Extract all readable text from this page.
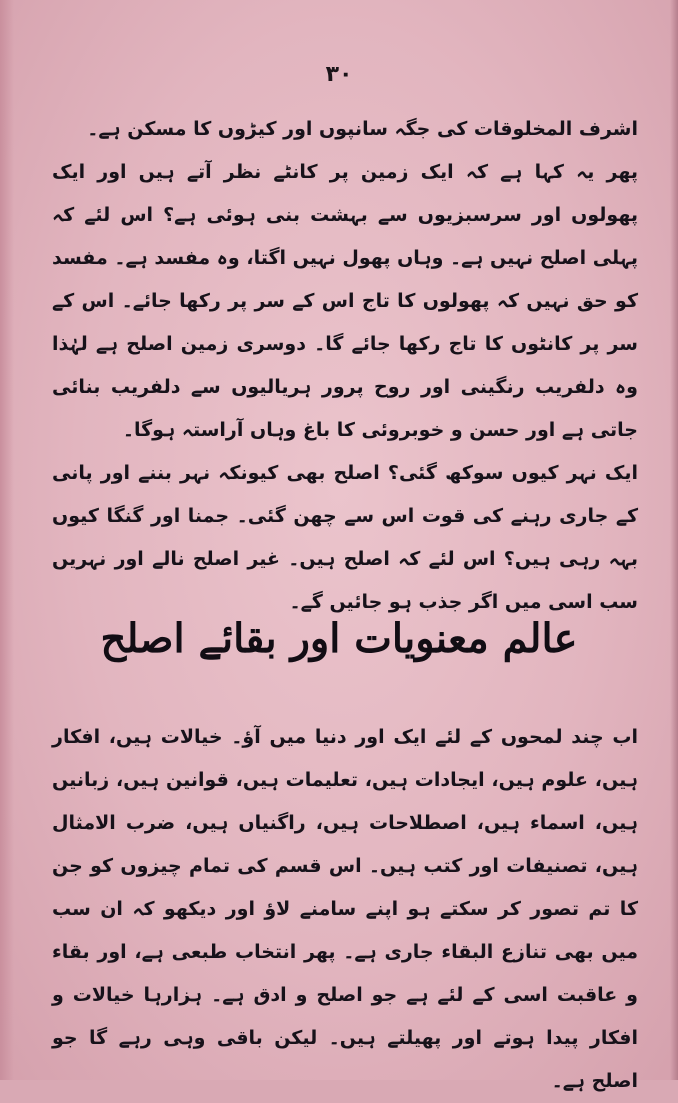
۳۰

اشرف المخلوقات کی جگہ سانپوں اور کیڑوں کا مسکن ہے۔

پھر یہ کہا ہے کہ ایک زمین پر کانٹے نظر آتے ہیں اور ایک پھولوں اور سرسبزیوں سے بہشت بنی ہوئی ہے؟ اس لئے کہ پہلی اصلح نہیں ہے۔ وہاں پھول نہیں اگتا، وہ مفسد ہے۔ مفسد کو حق نہیں کہ پھولوں کا تاج اس کے سر پر رکھا جائے۔ اس کے سر پر کانٹوں کا تاج رکھا جائے گا۔ دوسری زمین اصلح ہے لہٰذا وہ دلفریب رنگینی اور روح پرور ہریالیوں سے دلفریب بنائی جاتی ہے اور حسن و خوبروئی کا باغ وہاں آراستہ ہوگا۔

ایک نہر کیوں سوکھ گئی؟ اصلح بھی کیونکہ نہر بننے اور پانی کے جاری رہنے کی قوت اس سے چھن گئی۔ جمنا اور گنگا کیوں بہہ رہی ہیں؟ اس لئے کہ اصلح ہیں۔ غیر اصلح نالے اور نہریں سب اسی میں اگر جذب ہو جائیں گے۔

عالم معنویات اور بقائے اصلح

اب چند لمحوں کے لئے ایک اور دنیا میں آؤ۔ خیالات ہیں، افکار ہیں، علوم ہیں، ایجادات ہیں، تعلیمات ہیں، قوانین ہیں، زبانیں ہیں، اسماء ہیں، اصطلاحات ہیں، راگنیاں ہیں، ضرب الامثال ہیں، تصنیفات اور کتب ہیں۔ اس قسم کی تمام چیزوں کو جن کا تم تصور کر سکتے ہو اپنے سامنے لاؤ اور دیکھو کہ ان سب میں بھی تنازع البقاء جاری ہے۔ پھر انتخاب طبعی ہے، اور بقاء و عاقبت اسی کے لئے ہے جو اصلح و ادق ہے۔ ہزارہا خیالات و افکار پیدا ہوتے اور پھیلتے ہیں۔ لیکن باقی وہی رہے گا جو اصلح ہے۔
